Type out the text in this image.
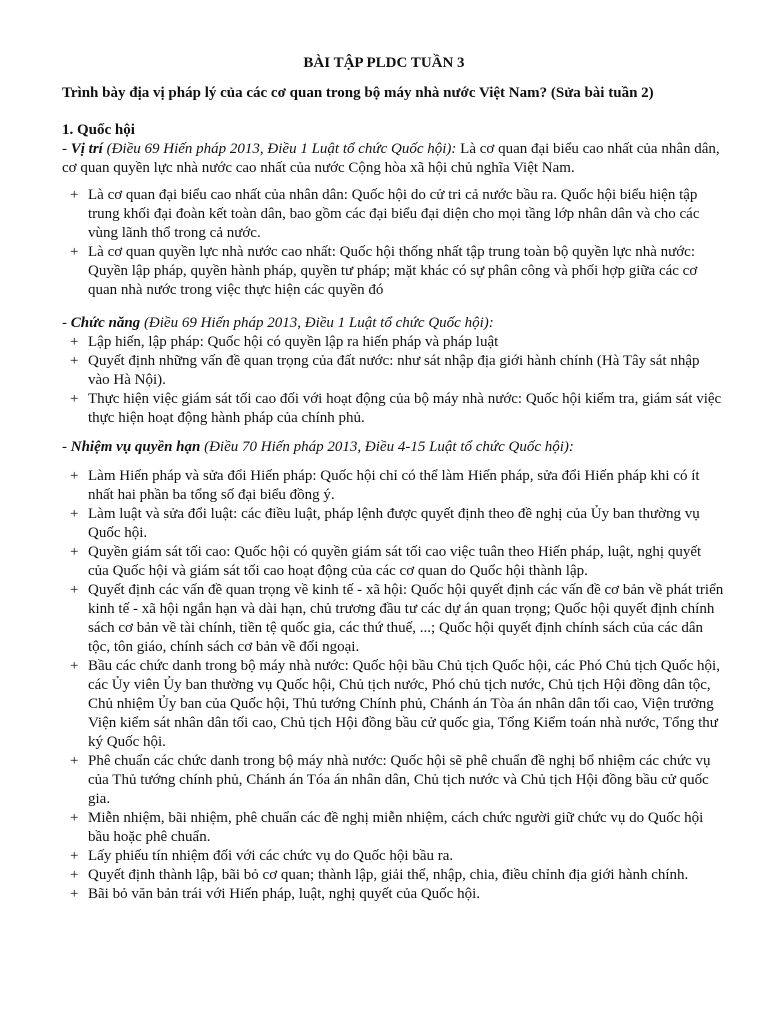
BÀI TẬP PLDC TUẦN 3
Trình bày địa vị pháp lý của các cơ quan trong bộ máy nhà nước Việt Nam? (Sửa bài tuần 2)

1. Quốc hội

- Vị trí (Điều 69 Hiến pháp 2013, Điều 1 Luật tổ chức Quốc hội): Là cơ quan đại biểu cao nhất của nhân dân, cơ quan quyền lực nhà nước cao nhất của nước Cộng hòa xã hội chủ nghĩa Việt Nam.

+ Là cơ quan đại biểu cao nhất của nhân dân: Quốc hội do cử tri cả nước bầu ra. Quốc hội biểu hiện tập trung khối đại đoàn kết toàn dân, bao gồm các đại biểu đại diện cho mọi tầng lớp nhân dân và cho các vùng lãnh thổ trong cả nước.
+ Là cơ quan quyền lực nhà nước cao nhất: Quốc hội thống nhất tập trung toàn bộ quyền lực nhà nước: Quyền lập pháp, quyền hành pháp, quyền tư pháp; mặt khác có sự phân công và phối hợp giữa các cơ quan nhà nước trong việc thực hiện các quyền đó

- Chức năng (Điều 69 Hiến pháp 2013, Điều 1 Luật tổ chức Quốc hội):

+ Lập hiến, lập pháp: Quốc hội có quyền lập ra hiến pháp và pháp luật
+ Quyết định những vấn đề quan trọng của đất nước: như sát nhập địa giới hành chính (Hà Tây sát nhập vào Hà Nội).
+ Thực hiện việc giám sát tối cao đối với hoạt động của bộ máy nhà nước: Quốc hội kiểm tra, giám sát việc thực hiện hoạt động hành pháp của chính phủ.

- Nhiệm vụ quyền hạn (Điều 70 Hiến pháp 2013, Điều 4-15 Luật tổ chức Quốc hội):

+ Làm Hiến pháp và sửa đổi Hiến pháp: Quốc hội chỉ có thể làm Hiến pháp, sửa đổi Hiến pháp khi có ít nhất hai phần ba tổng số đại biểu đồng ý.
+ Làm luật và sửa đổi luật: các điều luật, pháp lệnh được quyết định theo đề nghị của Ủy ban thường vụ Quốc hội.
+ Quyền giám sát tối cao: Quốc hội có quyền giám sát tối cao việc tuân theo Hiến pháp, luật, nghị quyết của Quốc hội và giám sát tối cao hoạt động của các cơ quan do Quốc hội thành lập.
+ Quyết định các vấn đề quan trọng về kinh tế - xã hội: Quốc hội quyết định các vấn đề cơ bản về phát triển kinh tế - xã hội ngắn hạn và dài hạn, chủ trương đầu tư các dự án quan trọng; Quốc hội quyết định chính sách cơ bản về tài chính, tiền tệ quốc gia, các thứ thuế, ...; Quốc hội quyết định chính sách của các dân tộc, tôn giáo, chính sách cơ bản về đối ngoại.
+ Bầu các chức danh trong bộ máy nhà nước: Quốc hội bầu Chủ tịch Quốc hội, các Phó Chủ tịch Quốc hội, các Ủy viên Ủy ban thường vụ Quốc hội, Chủ tịch nước, Phó chủ tịch nước, Chủ tịch Hội đồng dân tộc, Chủ nhiệm Ủy ban của Quốc hội, Thủ tướng Chính phủ, Chánh án Tòa án nhân dân tối cao, Viện trưởng Viện kiểm sát nhân dân tối cao, Chủ tịch Hội đồng bầu cử quốc gia, Tổng Kiểm toán nhà nước, Tổng thư ký Quốc hội.
+ Phê chuẩn các chức danh trong bộ máy nhà nước: Quốc hội sẽ phê chuẩn đề nghị bổ nhiệm các chức vụ của Thủ tướng chính phủ, Chánh án Tóa án nhân dân, Chủ tịch nước và Chủ tịch Hội đồng bầu cử quốc gia.
+ Miễn nhiệm, bãi nhiệm, phê chuẩn các đề nghị miễn nhiệm, cách chức người giữ chức vụ do Quốc hội bầu hoặc phê chuẩn.
+ Lấy phiếu tín nhiệm đối với các chức vụ do Quốc hội bầu ra.
+ Quyết định thành lập, bãi bỏ cơ quan; thành lập, giải thể, nhập, chia, điều chỉnh địa giới hành chính.
+ Bãi bỏ văn bản trái với Hiến pháp, luật, nghị quyết của Quốc hội.
